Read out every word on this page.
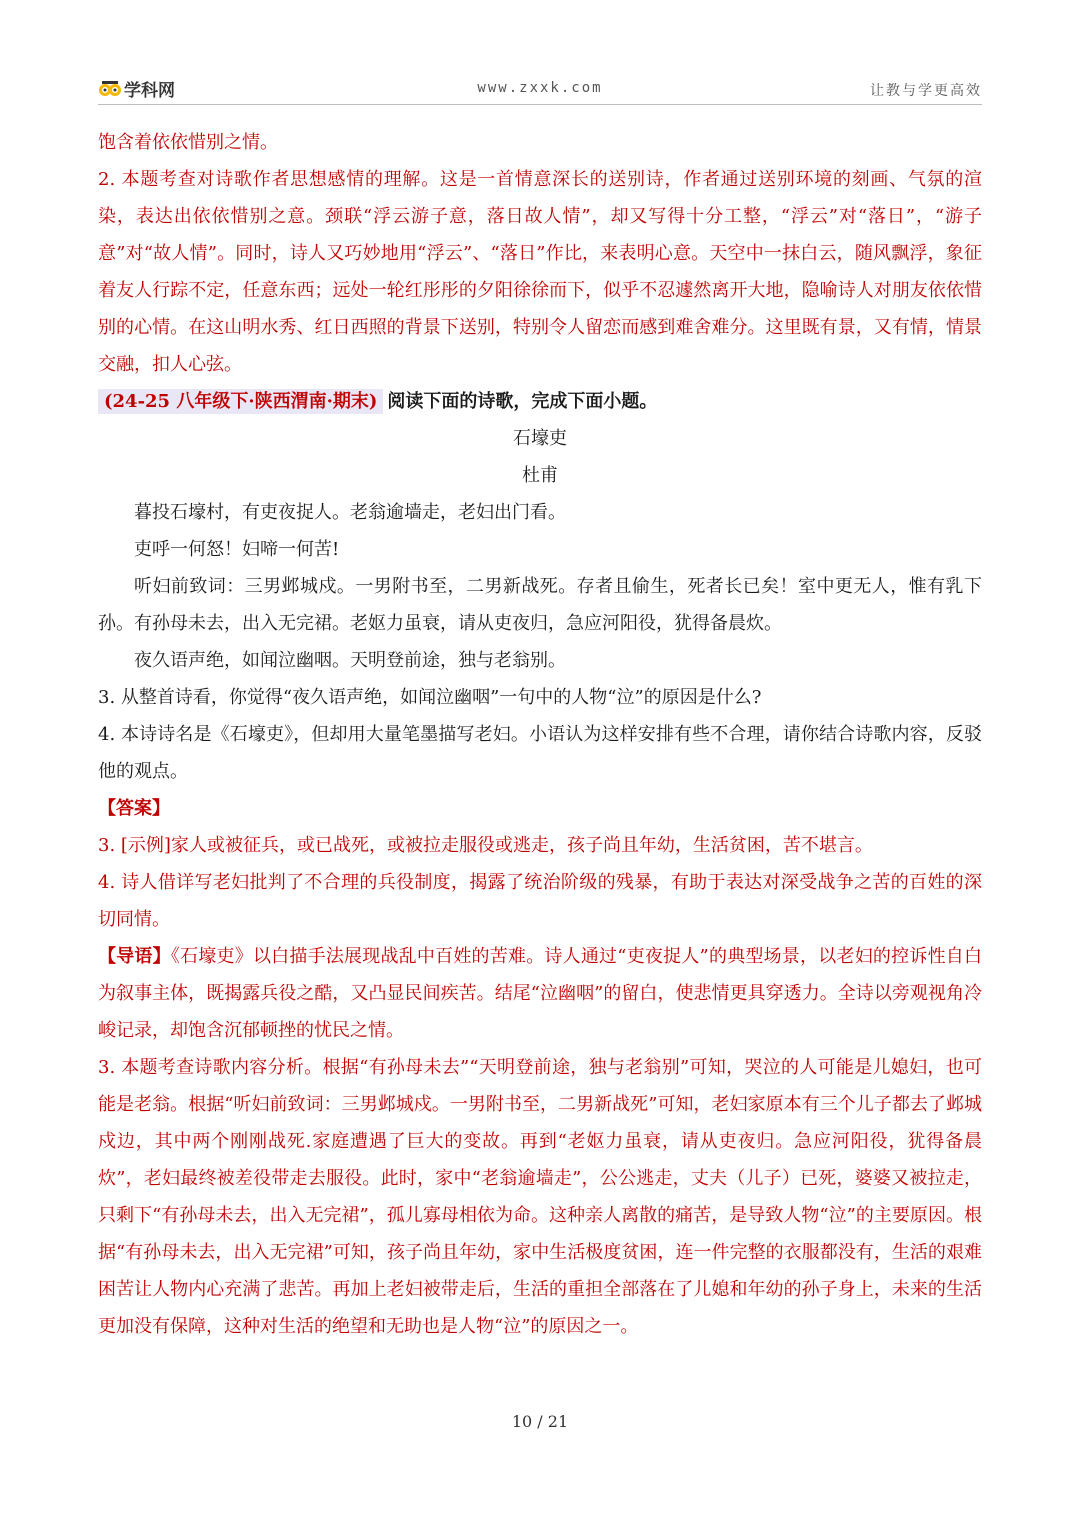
学科网	www.zxxk.com	让教与学更高效

饱含着依依惜别之情。

2. 本题考查对诗歌作者思想感情的理解。这是一首情意深长的送别诗，作者通过送别环境的刻画、气氛的渲染，表达出依依惜别之意。颈联“浮云游子意，落日故人情”，却又写得十分工整，“浮云”对“落日”，“游子意”对“故人情”。同时，诗人又巧妙地用“浮云”、“落日”作比，来表明心意。天空中一抹白云，随风飘浮，象征着友人行踪不定，任意东西；远处一轮红彤彤的夕阳徐徐而下，似乎不忍遽然离开大地，隐喻诗人对朋友依依惜别的心情。在这山明水秀、红日西照的背景下送别，特别令人留恋而感到难舍难分。这里既有景，又有情，情景交融，扣人心弦。

(24-25 八年级下·陕西渭南·期末) 阅读下面的诗歌，完成下面小题。

石壕吏

杜甫

暮投石壕村，有吏夜捉人。老翁逾墙走，老妇出门看。

吏呼一何怒！妇啼一何苦!

听妇前致词：三男邺城戍。一男附书至，二男新战死。存者且偷生，死者长已矣！室中更无人，惟有乳下孙。有孙母未去，出入无完裙。老妪力虽衰，请从吏夜归，急应河阳役，犹得备晨炊。

夜久语声绝，如闻泣幽咽。天明登前途，独与老翁别。

3. 从整首诗看，你觉得“夜久语声绝，如闻泣幽咽”一句中的人物“泣”的原因是什么?

4. 本诗诗名是《石壕吏》，但却用大量笔墨描写老妇。小语认为这样安排有些不合理，请你结合诗歌内容，反驳他的观点。

【答案】

3. [示例]家人或被征兵，或已战死，或被拉走服役或逃走，孩子尚且年幼，生活贫困，苦不堪言。

4. 诗人借详写老妇批判了不合理的兵役制度，揭露了统治阶级的残暴，有助于表达对深受战争之苦的百姓的深切同情。

【导语】《石壕吏》以白描手法展现战乱中百姓的苦难。诗人通过“吏夜捉人”的典型场景，以老妇的控诉性自白为叙事主体，既揭露兵役之酷，又凸显民间疾苦。结尾“泣幽咽”的留白，使悲情更具穿透力。全诗以旁观视角冷峻记录，却饱含沉郁顿挫的忧民之情。

3. 本题考查诗歌内容分析。根据“有孙母未去”“天明登前途，独与老翁别”可知，哭泣的人可能是儿媳妇，也可能是老翁。根据“听妇前致词：三男邺城戍。一男附书至，二男新战死”可知，老妇家原本有三个儿子都去了邺城戍边，其中两个刚刚战死.家庭遭遇了巨大的变故。再到“老妪力虽衰，请从吏夜归。急应河阳役，犹得备晨炊”，老妇最终被差役带走去服役。此时，家中“老翁逾墙走”，公公逃走，丈夫（儿子）已死，婆婆又被拉走，只剩下“有孙母未去，出入无完裙”，孤儿寡母相依为命。这种亲人离散的痛苦，是导致人物“泣”的主要原因。根据“有孙母未去，出入无完裙”可知，孩子尚且年幼，家中生活极度贫困，连一件完整的衣服都没有，生活的艰难困苦让人物内心充满了悲苦。再加上老妇被带走后，生活的重担全部落在了儿媳和年幼的孙子身上，未来的生活更加没有保障，这种对生活的绝望和无助也是人物“泣”的原因之一。

10 / 21
